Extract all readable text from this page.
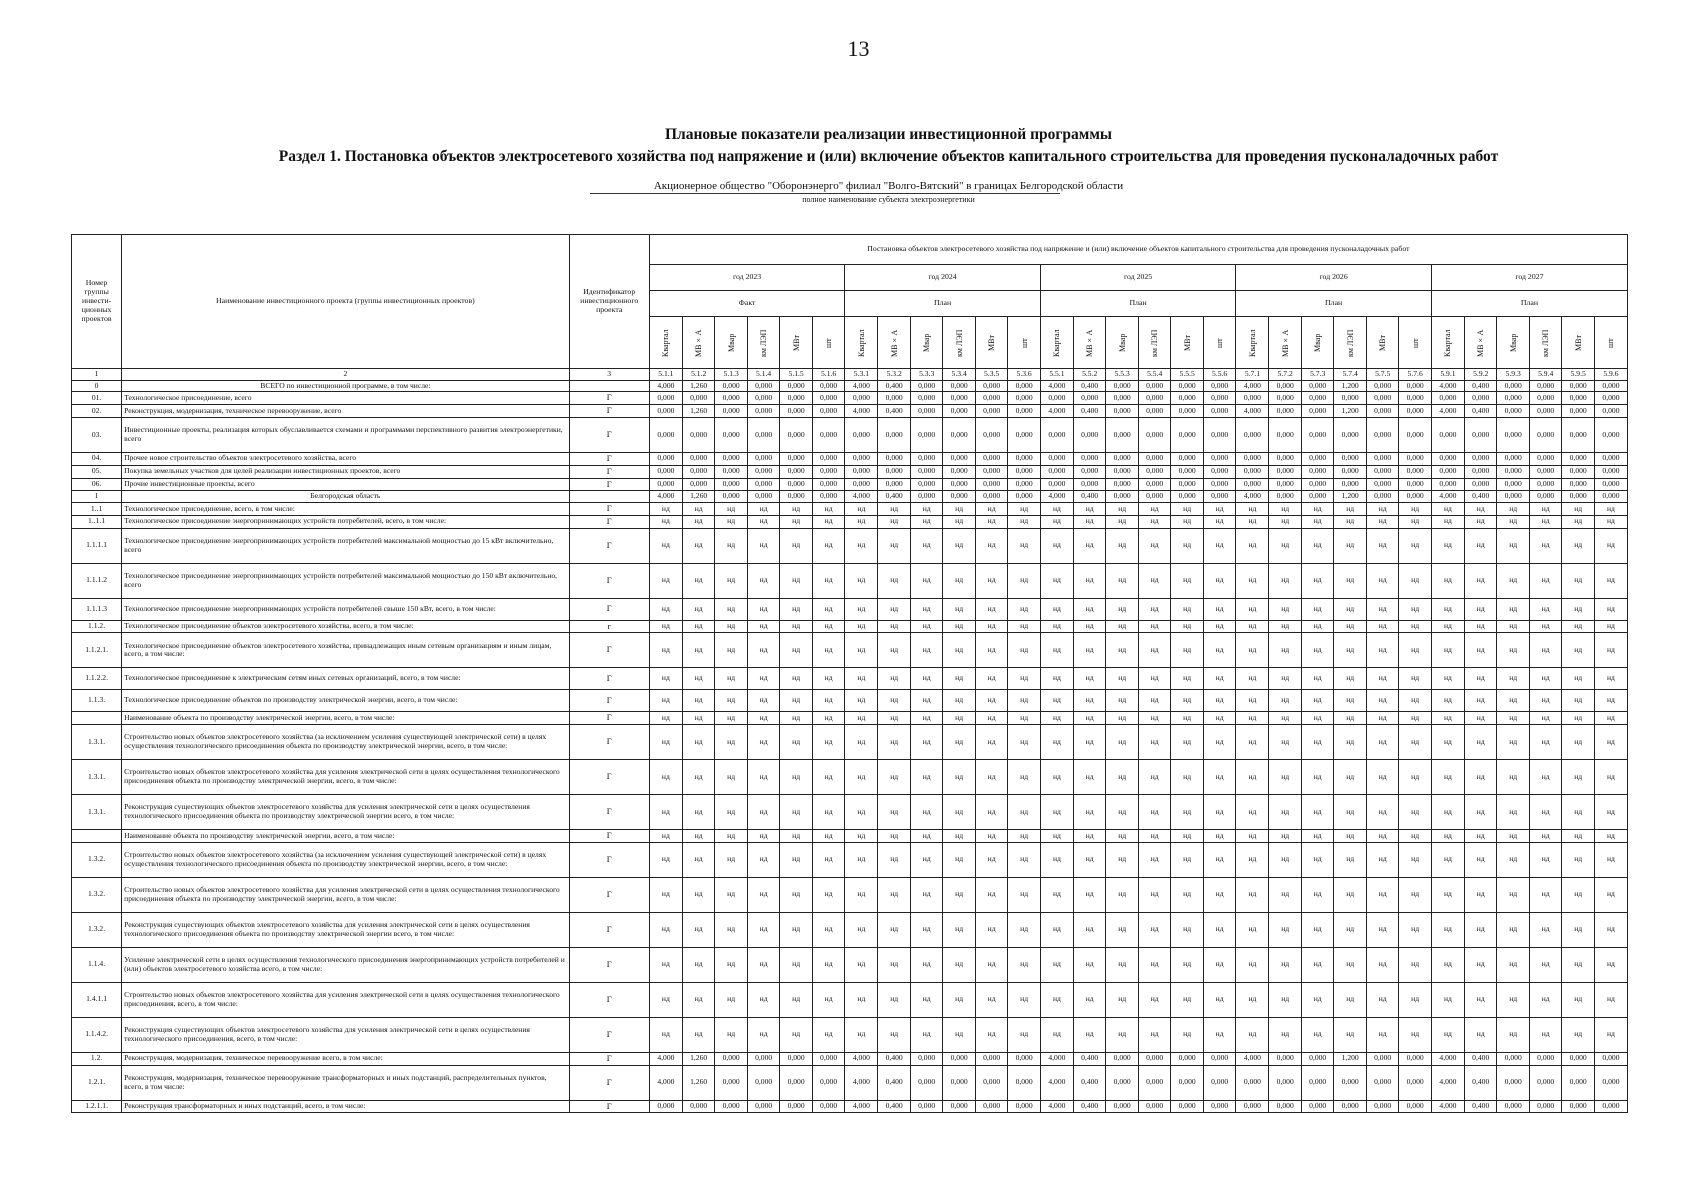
13
Плановые показатели реализации инвестиционной программы
Раздел 1. Постановка объектов электросетевого хозяйства под напряжение и (или) включение объектов капитального строительства для проведения пусконаладочных работ
Акционерное общество "Оборонэнерго" филиал "Волго-Вятский" в границах Белгородской области
полное наименование субъекта электроэнергетики
Номер группы инвести-ционных проектов	Наименование инвестиционного проекта (группы инвестиционных проектов)	Идентификатор инвестиционного проекта	Постановка объектов электросетевого хозяйства под напряжение и (или) включение объектов капитального строительства для проведения пусконаладочных работ																													
			год 2023						год 2024						год 2025						год 2026						год 2027					
			Факт						План						План						План						План					

			Квартал	МВ×А	Мвар	км ЛЭП	МВт	шт	Квартал	МВ×А	Мвар	км ЛЭП	МВт	шт	Квартал	МВ×А	Мвар	км ЛЭП	МВт	шт	Квартал	МВ×А	Мвар	км ЛЭП	МВт	шт	Квартал	МВ×А	Мвар	км ЛЭП	МВт	шт

1	2	3	5.1.1	5.1.2	5.1.3	5.1.4	5.1.5	5.1.6	5.3.1	5.3.2	5.3.3	5.3.4	5.3.5	5.3.6	5.5.1	5.5.2	5.5.3	5.5.4	5.5.5	5.5.6	5.7.1	5.7.2	5.7.3	5.7.4	5.7.5	5.7.6	5.9.1	5.9.2	5.9.3	5.9.4	5.9.5	5.9.6
0	ВСЕГО по инвестиционной программе, в том числе:		4,000	1,260	0,000	0,000	0,000	0,000	4,000	0,400	0,000	0,000	0,000	0,000	4,000	0,400	0,000	0,000	0,000	0,000	4,000	0,000	0,000	1,200	0,000	0,000	4,000	0,400	0,000	0,000	0,000	0,000
01.	Технологическое присоединение, всего	Г	0,000	0,000	0,000	0,000	0,000	0,000	0,000	0,000	0,000	0,000	0,000	0,000	0,000	0,000	0,000	0,000	0,000	0,000	0,000	0,000	0,000	0,000	0,000	0,000	0,000	0,000	0,000	0,000	0,000	0,000
02.	Реконструкция, модернизация, техническое перевооружение, всего	Г	0,000	1,260	0,000	0,000	0,000	0,000	4,000	0,400	0,000	0,000	0,000	0,000	4,000	0,400	0,000	0,000	0,000	0,000	4,000	0,000	0,000	1,200	0,000	0,000	4,000	0,400	0,000	0,000	0,000	0,000
03.	Инвестиционные проекты, реализация которых обуславливается схемами и программами перспективного развития электроэнергетики, всего	Г	0,000	0,000	0,000	0,000	0,000	0,000	0,000	0,000	0,000	0,000	0,000	0,000	0,000	0,000	0,000	0,000	0,000	0,000	0,000	0,000	0,000	0,000	0,000	0,000	0,000	0,000	0,000	0,000	0,000	0,000
04.	Прочее новое строительство объектов электросетевого хозяйства, всего	Г	0,000	0,000	0,000	0,000	0,000	0,000	0,000	0,000	0,000	0,000	0,000	0,000	0,000	0,000	0,000	0,000	0,000	0,000	0,000	0,000	0,000	0,000	0,000	0,000	0,000	0,000	0,000	0,000	0,000	0,000
05.	Покупка земельных участков для целей реализации инвестиционных проектов, всего	Г	0,000	0,000	0,000	0,000	0,000	0,000	0,000	0,000	0,000	0,000	0,000	0,000	0,000	0,000	0,000	0,000	0,000	0,000	0,000	0,000	0,000	0,000	0,000	0,000	0,000	0,000	0,000	0,000	0,000	0,000
06.	Прочие инвестиционные проекты, всего	Г	0,000	0,000	0,000	0,000	0,000	0,000	0,000	0,000	0,000	0,000	0,000	0,000	0,000	0,000	0,000	0,000	0,000	0,000	0,000	0,000	0,000	0,000	0,000	0,000	0,000	0,000	0,000	0,000	0,000	0,000
1	Белгородская область		4,000	1,260	0,000	0,000	0,000	0,000	4,000	0,400	0,000	0,000	0,000	0,000	4,000	0,400	0,000	0,000	0,000	0,000	4,000	0,000	0,000	1,200	0,000	0,000	4,000	0,400	0,000	0,000	0,000	0,000
1..1	Технологическое присоединение, всего, в том числе:	Г	нд	нд	нд	нд	нд	нд	нд	нд	нд	нд	нд	нд	нд	нд	нд	нд	нд	нд	нд	нд	нд	нд	нд	нд	нд	нд	нд	нд	нд	нд
1..1.1	Технологическое присоединение энергопринимающих устройств потребителей, всего, в том числе:	Г	нд	нд	нд	нд	нд	нд	нд	нд	нд	нд	нд	нд	нд	нд	нд	нд	нд	нд	нд	нд	нд	нд	нд	нд	нд	нд	нд	нд	нд	нд
1.1.1.1	Технологическое присоединение энергопринимающих устройств потребителей максимальной мощностью до 15 кВт включительно, всего	Г	нд	нд	нд	нд	нд	нд	нд	нд	нд	нд	нд	нд	нд	нд	нд	нд	нд	нд	нд	нд	нд	нд	нд	нд	нд	нд	нд	нд	нд	нд
1.1.1.2	Технологическое присоединение энергопринимающих устройств потребителей максимальной мощностью до 150 кВт включительно, всего	Г	нд	нд	нд	нд	нд	нд	нд	нд	нд	нд	нд	нд	нд	нд	нд	нд	нд	нд	нд	нд	нд	нд	нд	нд	нд	нд	нд	нд	нд	нд
1.1.1.3	Технологическое присоединение энергопринимающих устройств потребителей свыше 150 кВт, всего, в том числе:	Г	нд	нд	нд	нд	нд	нд	нд	нд	нд	нд	нд	нд	нд	нд	нд	нд	нд	нд	нд	нд	нд	нд	нд	нд	нд	нд	нд	нд	нд	нд
1.1.2.	Технологическое присоединение объектов электросетевого хозяйства, всего, в том числе:	г	нд	нд	нд	нд	нд	нд	нд	нд	нд	нд	нд	нд	нд	нд	нд	нд	нд	нд	нд	нд	нд	нд	нд	нд	нд	нд	нд	нд	нд	нд
1.1.2.1.	Технологическое присоединение объектов электросетевого хозяйства, принадлежащих иным сетевым организациям и иным лицам, всего, в том числе:	Г	нд	нд	нд	нд	нд	нд	нд	нд	нд	нд	нд	нд	нд	нд	нд	нд	нд	нд	нд	нд	нд	нд	нд	нд	нд	нд	нд	нд	нд	нд
1.1.2.2.	Технологическое присоединение к электрическим сетям иных сетевых организаций, всего, в том числе:	Г	нд	нд	нд	нд	нд	нд	нд	нд	нд	нд	нд	нд	нд	нд	нд	нд	нд	нд	нд	нд	нд	нд	нд	нд	нд	нд	нд	нд	нд	нд
1.1.3.	Технологическое присоединение объектов по производству электрической энергии, всего, в том числе:	Г	нд	нд	нд	нд	нд	нд	нд	нд	нд	нд	нд	нд	нд	нд	нд	нд	нд	нд	нд	нд	нд	нд	нд	нд	нд	нд	нд	нд	нд	нд
	Наименование объекта по производству электрической энергии, всего, в том числе:	Г	нд	нд	нд	нд	нд	нд	нд	нд	нд	нд	нд	нд	нд	нд	нд	нд	нд	нд	нд	нд	нд	нд	нд	нд	нд	нд	нд	нд	нд	нд
1.3.1.	Строительство новых объектов электросетевого хозяйства (за исключением усиления существующей электрической сети) в целях осуществления технологического присоединения объекта по производству электрической энергии, всего, в том числе:	Г	нд	нд	нд	нд	нд	нд	нд	нд	нд	нд	нд	нд	нд	нд	нд	нд	нд	нд	нд	нд	нд	нд	нд	нд	нд	нд	нд	нд	нд	нд
1.3.1.	Строительство новых объектов электросетевого хозяйства для усиления электрической сети в целях осуществления технологического присоединения объекта по производству электрической энергии, всего, в том числе:	Г	нд	нд	нд	нд	нд	нд	нд	нд	нд	нд	нд	нд	нд	нд	нд	нд	нд	нд	нд	нд	нд	нд	нд	нд	нд	нд	нд	нд	нд	нд
1.3.1.	Реконструкция существующих объектов электросетевого хозяйства для усиления электрической сети в целях осуществления технологического присоединения объекта по производству электрической энергии всего, в том числе:	Г	нд	нд	нд	нд	нд	нд	нд	нд	нд	нд	нд	нд	нд	нд	нд	нд	нд	нд	нд	нд	нд	нд	нд	нд	нд	нд	нд	нд	нд	нд
	Наименование объекта по производству электрической энергии, всего, в том числе:	Г	нд	нд	нд	нд	нд	нд	нд	нд	нд	нд	нд	нд	нд	нд	нд	нд	нд	нд	нд	нд	нд	нд	нд	нд	нд	нд	нд	нд	нд	нд
1.3.2.	Строительство новых объектов электросетевого хозяйства (за исключением усиления существующей электрической сети) в целях осуществления технологического присоединения объекта по производству электрической энергии, всего, в том числе:	Г	нд	нд	нд	нд	нд	нд	нд	нд	нд	нд	нд	нд	нд	нд	нд	нд	нд	нд	нд	нд	нд	нд	нд	нд	нд	нд	нд	нд	нд	нд
1.3.2.	Строительство новых объектов электросетевого хозяйства для усиления электрической сети в целях осуществления технологического присоединения объекта по производству электрической энергии, всего, в том числе:	Г	нд	нд	нд	нд	нд	нд	нд	нд	нд	нд	нд	нд	нд	нд	нд	нд	нд	нд	нд	нд	нд	нд	нд	нд	нд	нд	нд	нд	нд	нд
1.3.2.	Реконструкция существующих объектов электросетевого хозяйства для усиления электрической сети в целях осуществления технологического присоединения объекта по производству электрической энергии всего, в том числе:	Г	нд	нд	нд	нд	нд	нд	нд	нд	нд	нд	нд	нд	нд	нд	нд	нд	нд	нд	нд	нд	нд	нд	нд	нд	нд	нд	нд	нд	нд	нд
1.1.4.	Усиление электрической сети в целях осуществления технологического присоединения энергопринимающих устройств потребителей и (или) объектов электросетевого хозяйства всего, в том числе:	Г	нд	нд	нд	нд	нд	нд	нд	нд	нд	нд	нд	нд	нд	нд	нд	нд	нд	нд	нд	нд	нд	нд	нд	нд	нд	нд	нд	нд	нд	нд
1.4.1.1	Строительство новых объектов электросетевого хозяйства для усиления электрической сети в целях осуществления технологического присоединения, всего, в том числе:	Г	нд	нд	нд	нд	нд	нд	нд	нд	нд	нд	нд	нд	нд	нд	нд	нд	нд	нд	нд	нд	нд	нд	нд	нд	нд	нд	нд	нд	нд	нд
1.1.4.2.	Реконструкция существующих объектов электросетевого хозяйства для усиления электрической сети в целях осуществления технологического присоединения, всего, в том числе:	Г	нд	нд	нд	нд	нд	нд	нд	нд	нд	нд	нд	нд	нд	нд	нд	нд	нд	нд	нд	нд	нд	нд	нд	нд	нд	нд	нд	нд	нд	нд
1.2.	Реконструкция, модернизация, техническое перевооружение всего, в том числе:	Г	4,000	1,260	0,000	0,000	0,000	0,000	4,000	0,400	0,000	0,000	0,000	0,000	4,000	0,400	0,000	0,000	0,000	0,000	4,000	0,000	0,000	1,200	0,000	0,000	4,000	0,400	0,000	0,000	0,000	0,000
1.2.1.	Реконструкция, модернизация, техническое перевооружение трансформаторных и иных подстанций, распределительных пунктов, всего, в том числе:	Г	4,000	1,260	0,000	0,000	0,000	0,000	4,000	0,400	0,000	0,000	0,000	0,000	4,000	0,400	0,000	0,000	0,000	0,000	0,000	0,000	0,000	0,000	0,000	0,000	4,000	0,400	0,000	0,000	0,000	0,000
1.2.1.1.	Реконструкция трансформаторных и иных подстанций, всего, в том числе:	Г	0,000	0,000	0,000	0,000	0,000	0,000	4,000	0,400	0,000	0,000	0,000	0,000	4,000	0,400	0,000	0,000	0,000	0,000	0,000	0,000	0,000	0,000	0,000	0,000	4,000	0,400	0,000	0,000	0,000	0,000
